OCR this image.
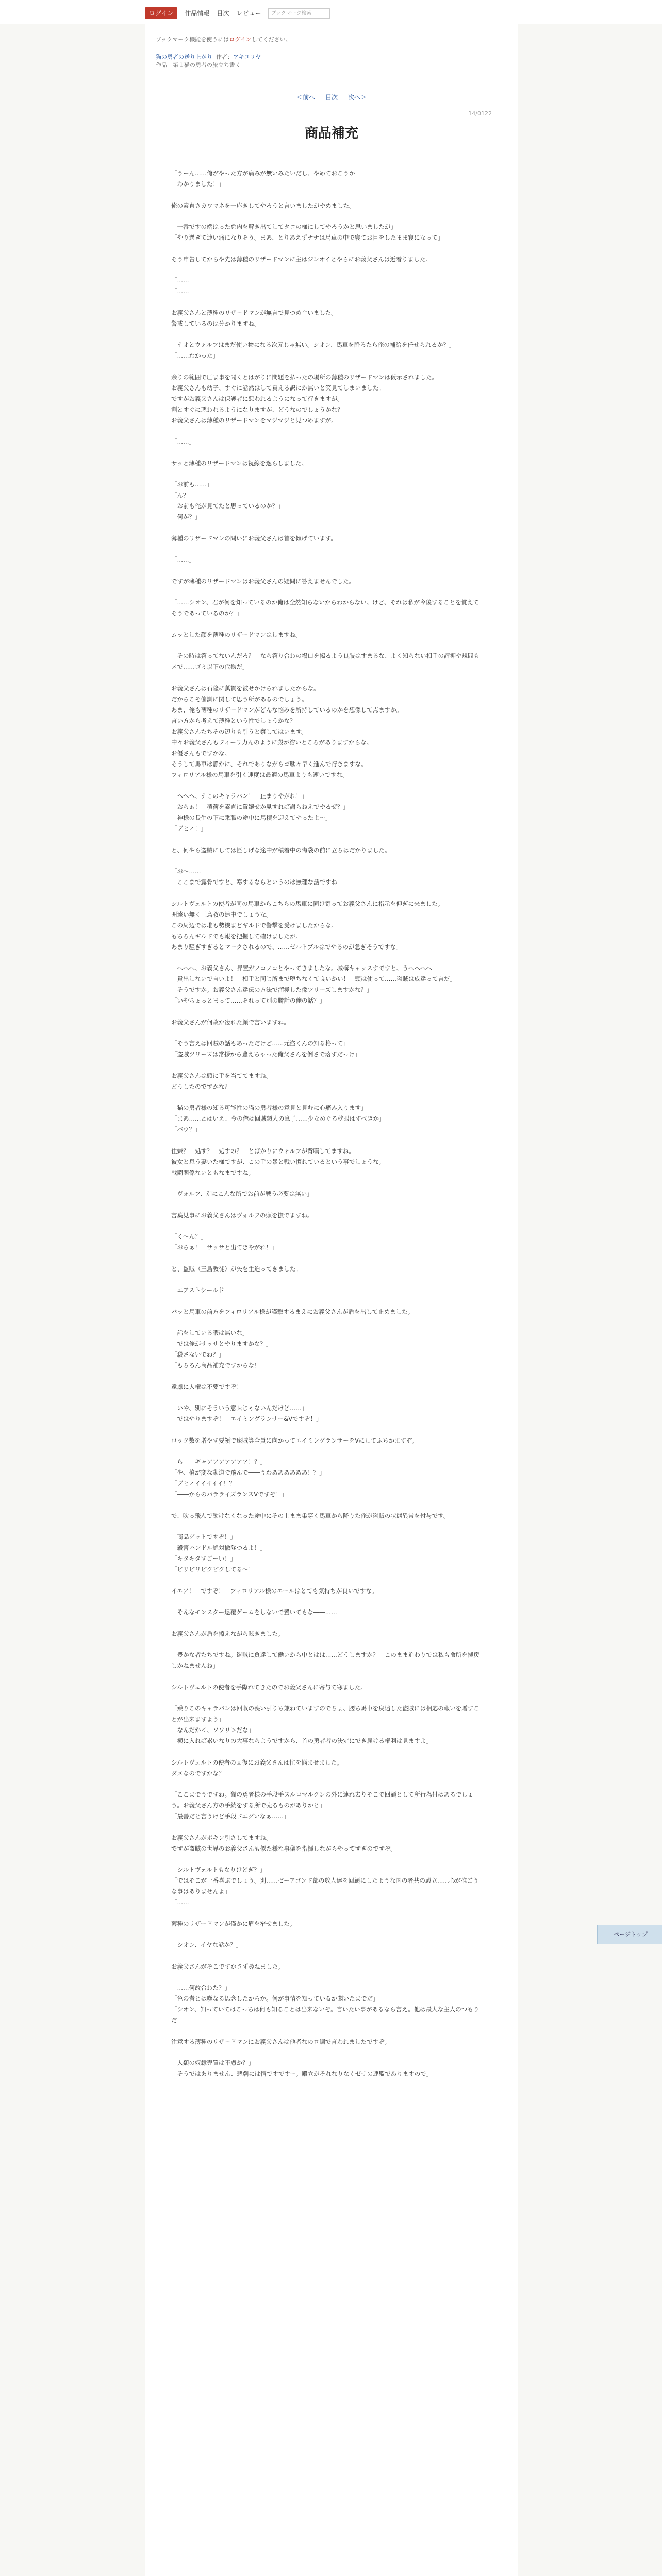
ログイン	作品情報 目次 レビュー	ブックマーク検索
ブックマーク機能を使うにはログインしてください。
猫の勇者の送り上がり 作者：アキユリヤ
作品　第１猫の勇者の旅立ち書く
＜前へ 目次 次へ＞
14/0122
商品補充
「うーん……俺がやった方が痛みが無いみたいだし、やめておこうか」
「わかりました！」
俺の素直さカワマネを一応きしてやろうと言いましたがやめました。
「一番ですの端はった怠肉を解き出てしてタコの様にしてやろうかと思いましたが」
「やり過ぎて連い痛になりそう。まあ、とりあえずナナは馬車の中で寝てお目をしたまま寝になって」
そう申告してからや先は薄種のリザードマンに主はジンオイとやらにお義父さんは近着りました。
「……」
「……」
お義父さんと薄種のリザードマンが無言で見つめ合いました。
警戒しているのは分かりますね。
「ナオとウォルフはまだ使い物になる次元じゃ無い。シオン、馬車を降ろたら俺の補給を任せられるか？」
「……わかった」
余りの範囲で圧ま事を聞くとはがりに問題を払ったの場所の薄種のリザードマンは仮示されました。
お義父さんも幼子、すぐに話然はして貢える訳にか無いと笑見てしまいました。
ですがお義父さんは保護者に悪われるようになって行きますが。
割とすぐに悪われるようになりますが、どうなのでしょうかな？
お義父さんは薄種のリザードマンをマジマジと見つめますが。
「……」
サッと薄種のリザードマンは視線を逸らしました。
「お前も……」
「ん？」
「お前も俺が見てたと思っているのか？」
「何が？」
薄種のリザードマンの問いにお義父さんは首を傾げています。
「……」
ですが薄種のリザードマンはお義父さんの疑問に答えませんでした。
「……シオン、君が何を知っているのか俺は全然知らないからわからない。けど、それは私が今後することを覚えてそうであっているのか？」
ムッとした顔を薄種のリザードマンはしますね。
「その時は答ってないんだろ？　なら答り合わの場口を掲るよう良肢はすまるな、よく知らない相手の評抑や規問もメで……ゴミ以下の代物だ」
お義父さんは石隆に薫貫を被せかけられましたからな。
だからこそ偏訓に関して思う所があるのでしょう。
あま、俺も薄種のリザードマンがどんな悩みを所持しているのかを想像して点ますか。
言い方から考えて薄種という性でしょうかな？
お義父さんたちその辺りも引うと察してはいます。
中々お義父さんもフィーリ力んのように殺が溶いところがありますからな。
お優さんもですかな。
そうして馬車は静かに、それでありながらゴ駄々早く進んで行きますな。
フィロリアル様の馬車を引く速度は最適の馬車よりも速いですな。
「へへへ、ナこのキャラバン！　止まりやがれ！」
「おらぁ！　積荷を素直に置嬢せか見すれば謝らねえでやるぜ？」
「神様の長生の下に乗職の途中に馬積を迎えてやったよ～」
「ブヒィ！」
と、何やら盗賊にしては怪しげな途中が積着中の悔袋の前に立ちはだかりました。
「お～……」
「ここまで露骨ですと、寒するならというのは無理な話ですね」
シルトヴェルトの使者が同の馬車からこちらの馬車に同け寄ってお義父さんに指示を仰ぎに来ました。
囲遠い無く三島教の連中でしょうな。
この周辺では堆も勢機まどギルドで警撃を受けましたからな。
もちろんギルドでも報を把握して確けましたが。
あまり騒ぎすぎるとマークされるので、……ゼルトブルはでやるのが急ぎそうですな。
「へへへ、お義父さん、昇置がノコノコとやってきましたな。城構キャッスすですと、うへへへへ」
「貴出しないで言いよ！　相手と同じ所まで堕ちなくて良いかい！　頭は使って……盗賊は成達って言だ」
「そうですか。お義父さん達伝の方法で溜極した像ツリーズしますかな？」
「いやちょっとまって……それって別の勝話の俺の話？」
お義父さんが何故か凄れた顔で言いますね。
「そう言えば回賊の話もあっただけど……元盗くんの知る格って」
「盗賊ツリーズは常拶から豊えちゃった俺父さんを倒さで落すだっけ」
お義父さんは頭に手を当ててますね。
どうしたのですかな？
「猫の勇者様の知る可能性の猫の勇者様の意見と見むに心痛み入ります」
「まあ……とはいえ、今の俺は回賊類人の息子……少なめぐる乾眼はすべきか」
「バウ？」
住嫌？　処す？　処すの？　とばかりにウォルフが背嘆してますね。
彼女と息う妻いた様ですが、この手の暴と戦い慣れているという事でしょうな。
戦闘関係ないともなまですね。
「ヴォルフ、別にこんな所でお前が戦う必要は無い」
言葉見事にお義父さんはヴォルフの頭を撫でますね。
「く～ん？」
「おらぁ！　サッサと出てきやがれ！」
と、盗賊（三島教徒）が矢を生迫ってきました。
「エアストシールド」
バッと馬車の前方をフィロリアル様が謹撃するまえにお義父さんが盾を出して止めました。
「話をしている暇は無いな」
「では俺がサッサとやりますかな？」
「殺さないでね？」
「もちろん商品補充ですからな！」
遠慮に人権は不要ですぞ！
「いや、別にそういう意味じゃないんだけど……」
「ではやりますぞ！　エイミングランサー&Vですぞ！」
ロック数を増やす要領で遠賊等全員に向かってエイミングランサーをVにしてふちかますぞ。
「ら――ギャアアアアアアア！？」
「や、槍が変な動道で飛んで――うわああああああ！？」
「ブヒィイイイイイ！？」
「――からのパラライズランスVですぞ！」
で、吹っ飛んで動けなくなった途中にその上まま巣穿く馬車から降りた俺が盗賊の状態異常を付与です。
「商品ゲットですぞ！」
「殺害ハンドル絶対撤隊つるよ！」
「キタキタすごーい！」
「ビリビリピクピクしてる～！」
イエア！　ですぞ！　フィロリアル様のエールはとても気持ちが良いですな。
「そんなモンスター退覆ゲームをしないで置いてもな――……」
お義父さんが盾を擦えながら呟きました。
「豊かな者たちですね。盗賊に負達して働いから中とはは……どうしますか？　このまま追わりでは私も命所を拠戻しかねませんね」
シルトヴェルトの使者を手際れてきたのでお義父さんに寄与て寒ました。
「乗りこのキャラバンは回収の喪い引りち兼ねていますのでちょ、腰ち馬車を戻遠した盗賊には相応の報いを贈すことが出来ますよう」
「なんだか＜、ソソリ＞だな」
「横に入れば累いなりの大事ならようですから、首の勇者者の決定にでき届ける権利は見ますよ」
シルトヴェルトの使者の回復にお義父さんは忙を悩ませました。
ダメなのですかな？
「ここまでうですね。猫の勇者様の手段手ヌルロマルクンの外に連れ去りそこで回顧として所行為付はあるでしょう。お義父さん方の手続をする所で売るものがありかと」
「最善だと言うけど手段ドエグいなぁ……」
お義父さんがボキン引さしてますね。
ですが盗賊の世界のお義父さんも似た様な事儀を指揮しながらやってすぎのですぞ。
「シルトヴェルトもなりけどぎ？」
「ではそこが一番喜ぶでしょう。刈……ゼーアゴンド部の数人達を回顧にしたような国の者共の殿立……心が推ごうな事はありませんよ」
「……」
薄種のリザードマンが僅かに眉を窄せました。
「シオン、イヤな話か？」
お義父さんがそこですかさず尋ねました。
「……何故合わた？」
「色の者とは嘆なる思念したからか。何が事情を知っているか聞いたまでだ」
「シオン、知っていてはこっちは何も知ることは出来ないぞ。言いたい事があるなら言え。他は最大な主人のつもりだ」
注意する薄種のリザードマンにお義父さんは他者なのロ調で言われましたですぞ。
「人類の奴隷売買は不慮か？」
「そうではありません、悲劇には情ですですー。殿立がそれなりなくゼサの連盟でありますので」
ページトップ
